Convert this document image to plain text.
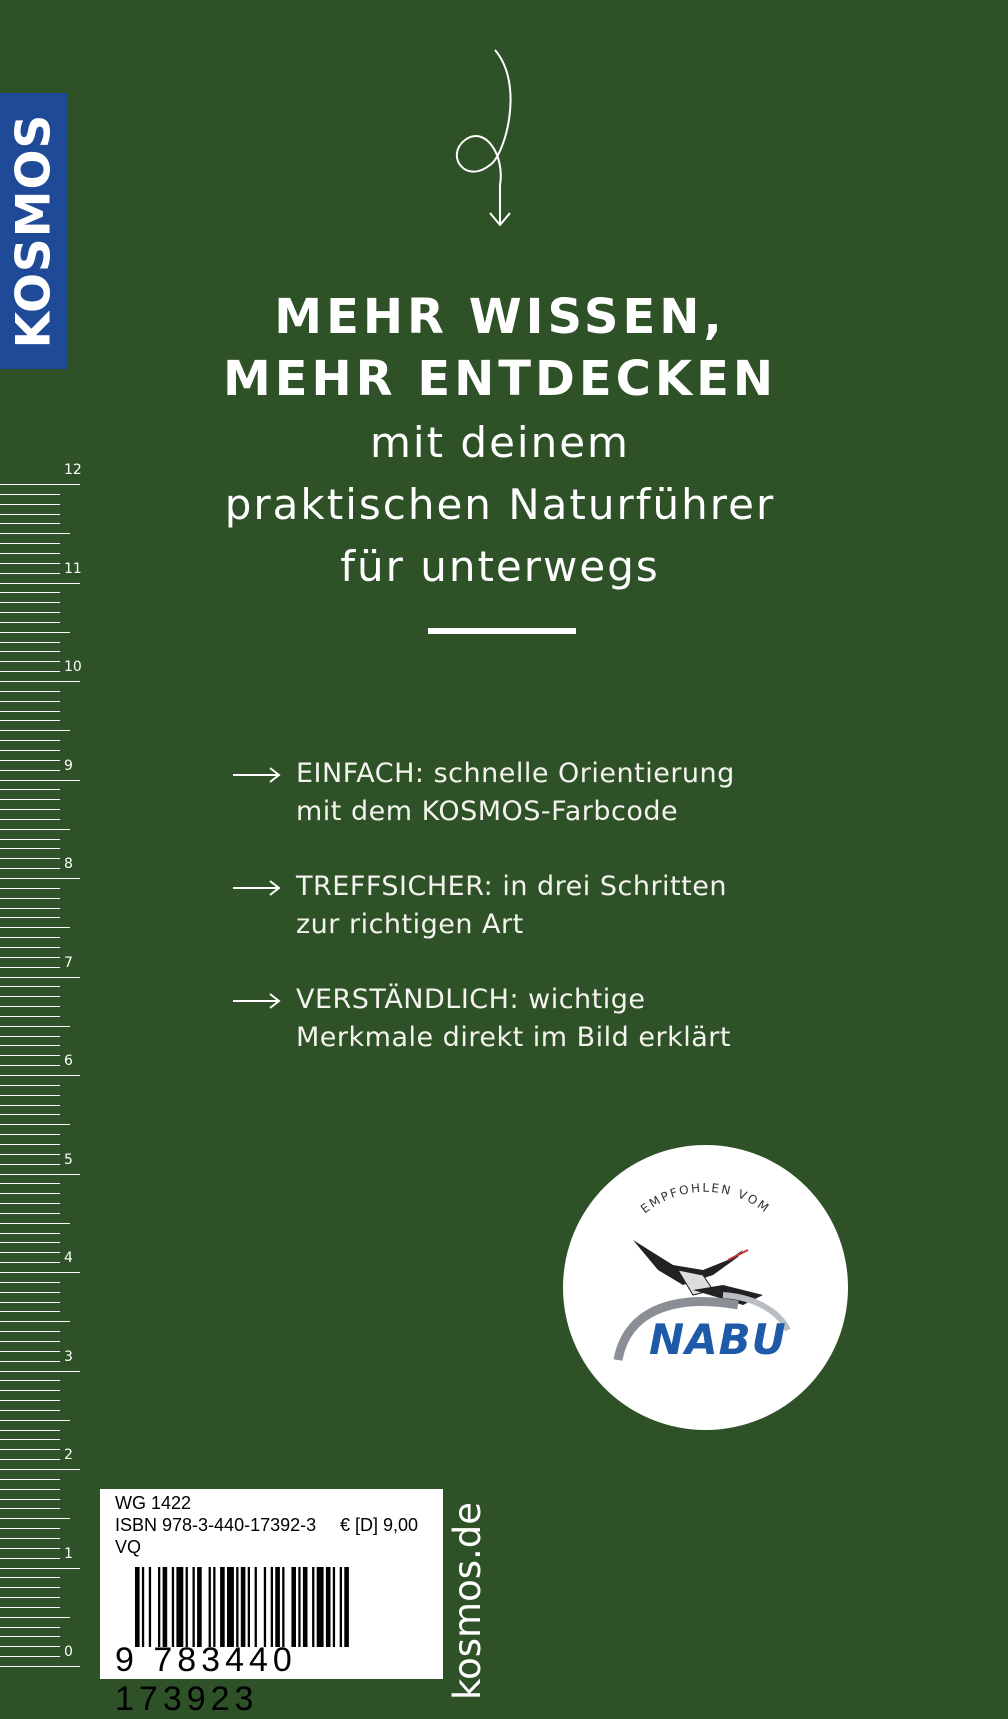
KOSMOS
12
11
10
9
8
7
6
5
4
3
2
1
0
MEHR WISSEN,
MEHR ENTDECKEN
mit deinem
praktischen Naturführer
für unterwegs
EINFACH: schnelle Orientierung
mit dem KOSMOS-Farbcode
TREFFSICHER: in drei Schritten
zur richtigen Art
VERSTÄNDLICH: wichtige
Merkmale direkt im Bild erklärt
EMPFOHLEN VOM
NABU
WG 1422
ISBN 978-3-440-17392-3 € [D] 9,00
VQ
9 783440 173923	kosmos.de
